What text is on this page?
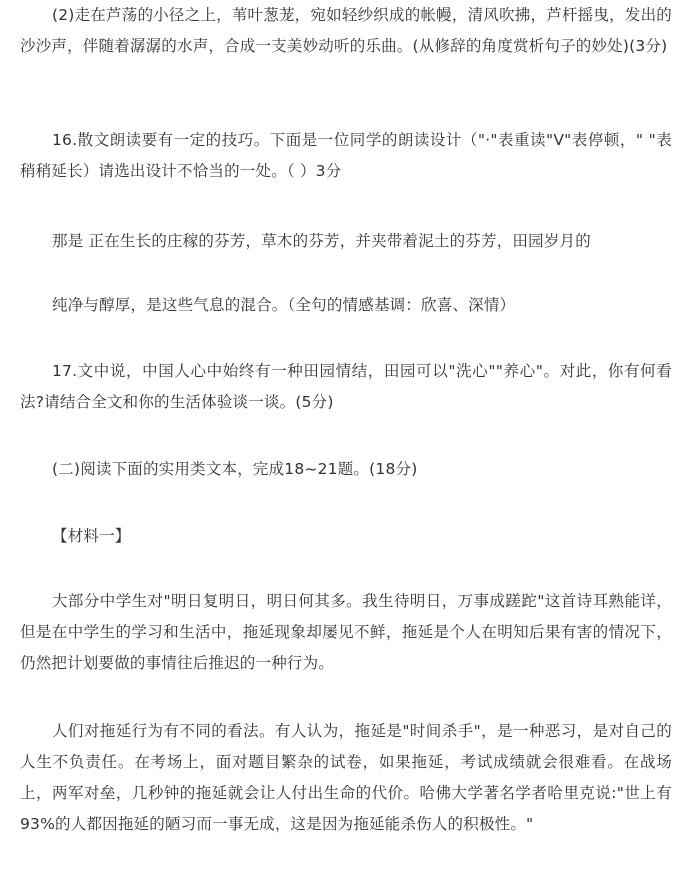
(2)走在芦荡的小径之上，苇叶葱茏，宛如轻纱织成的帐幔，清风吹拂，芦杆摇曳，发出的沙沙声，伴随着潺潺的水声，合成一支美妙动听的乐曲。(从修辞的角度赏析句子的妙处)(3分)

16.散文朗读要有一定的技巧。下面是一位同学的朗读设计（"·"表重读"V"表停顿，" "表稍稍延长）请选出设计不恰当的一处。（ ）3分

那是 正在生长的庄稼的芬芳，草木的芬芳，并夹带着泥土的芬芳，田园岁月的

纯净与醇厚，是这些气息的混合。（全句的情感基调：欣喜、深情）

17.文中说，中国人心中始终有一种田园情结，田园可以"洗心""养心"。对此，你有何看法?请结合全文和你的生活体验谈一谈。(5分)

(二)阅读下面的实用类文本，完成18~21题。(18分)

【材料一】

大部分中学生对"明日复明日，明日何其多。我生待明日，万事成蹉跎"这首诗耳熟能详，但是在中学生的学习和生活中，拖延现象却屡见不鲜，拖延是个人在明知后果有害的情况下，仍然把计划要做的事情往后推迟的一种行为。

人们对拖延行为有不同的看法。有人认为，拖延是"时间杀手"，是一种恶习，是对自己的人生不负责任。在考场上，面对题目繁杂的试卷，如果拖延，考试成绩就会很难看。在战场上，两军对垒，几秒钟的拖延就会让人付出生命的代价。哈佛大学著名学者哈里克说:"世上有93%的人都因拖延的陋习而一事无成，这是因为拖延能杀伤人的积极性。"
